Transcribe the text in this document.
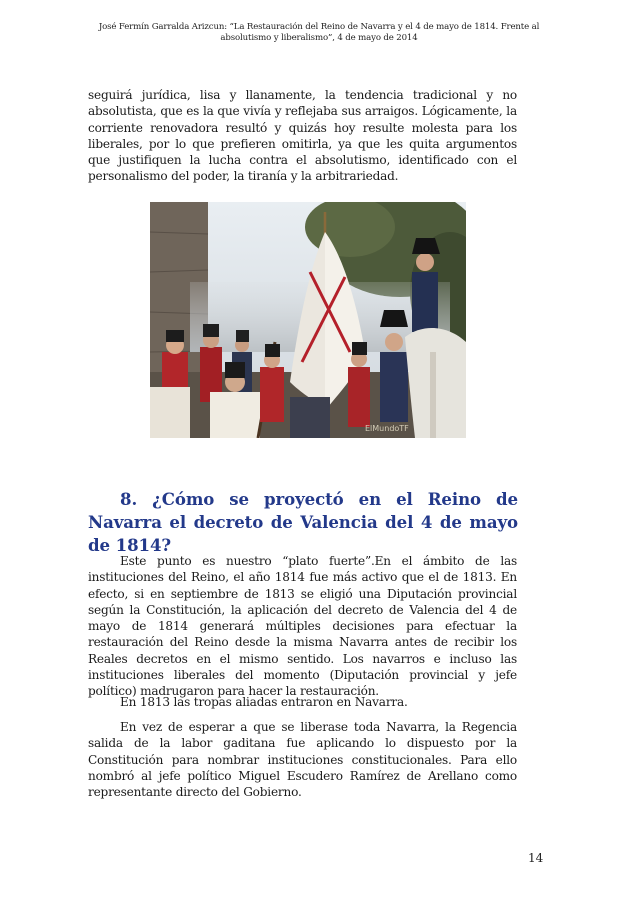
José Fermín Garralda Arizcun: “La Restauración del Reino de Navarra y el 4 de mayo de 1814. Frente al absolutismo y liberalismo”, 4 de mayo de 2014

seguirá jurídica, lisa y llanamente, la tendencia tradicional y no absolutista, que es la que vivía y reflejaba sus arraigos. Lógicamente, la corriente renovadora resultó y quizás hoy resulte molesta para los liberales, por lo que prefieren omitirla, ya que les quita argumentos que justifiquen la lucha contra el absolutismo, identificado con el personalismo del poder, la tiranía y la arbitrariedad.

ElMundoTF
8. ¿Cómo se proyectó en el Reino de Navarra el decreto de Valencia del 4 de mayo de 1814?

Este punto es nuestro “plato fuerte”.En el ámbito de las instituciones del Reino, el año 1814 fue más activo que el de 1813. En efecto, si en septiembre de 1813 se eligió una Diputación provincial según la Constitución, la aplicación del decreto de Valencia del 4 de mayo de 1814 generará múltiples decisiones para efectuar la restauración del Reino desde la misma Navarra antes de recibir los Reales decretos en el mismo sentido. Los navarros e incluso las instituciones liberales del momento (Diputación provincial y jefe político) madrugaron para hacer la restauración.

En 1813 las tropas aliadas entraron en Navarra.

En vez de esperar a que se liberase toda Navarra, la Regencia salida de la labor gaditana fue aplicando lo dispuesto por la Constitución para nombrar instituciones constitucionales. Para ello nombró al jefe político Miguel Escudero Ramírez de Arellano como representante directo del Gobierno.

14
